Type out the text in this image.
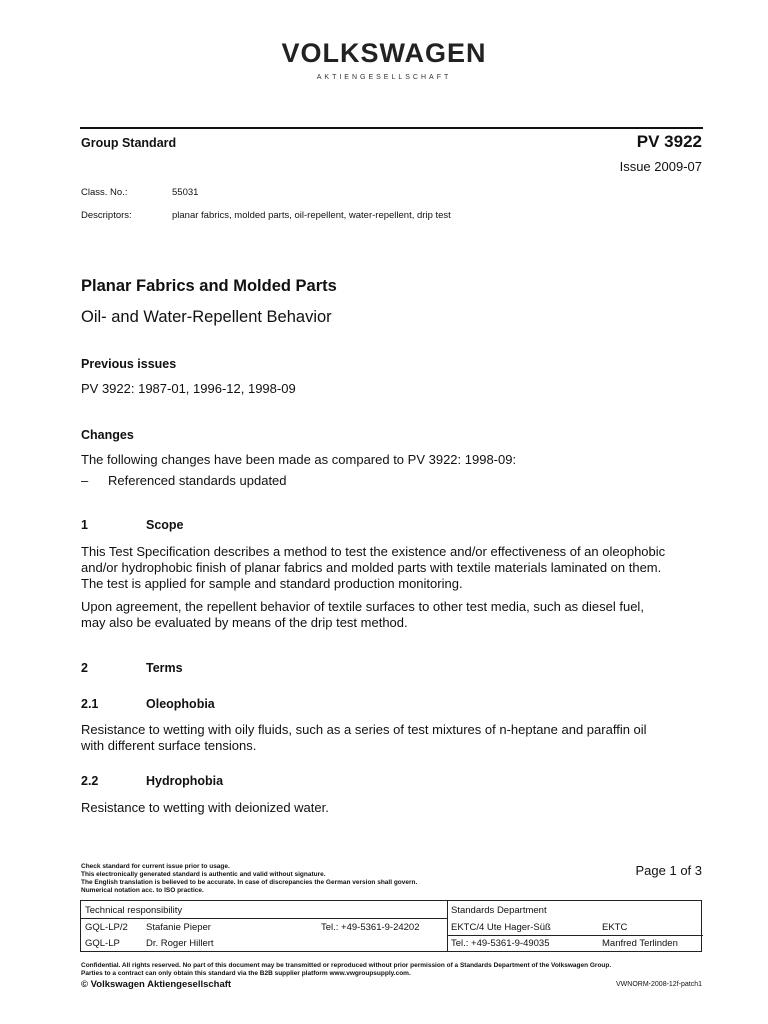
VOLKSWAGEN
AKTIENGESELLSCHAFT
Group Standard	PV 3922
Issue 2009-07
Class. No.:	55031
Descriptors:	planar fabrics, molded parts, oil-repellent, water-repellent, drip test
Planar Fabrics and Molded Parts
Oil- and Water-Repellent Behavior
Previous issues
PV 3922: 1987-01, 1996-12, 1998-09
Changes
The following changes have been made as compared to PV 3922: 1998-09:
– Referenced standards updated
1	Scope
This Test Specification describes a method to test the existence and/or effectiveness of an oleophobic
and/or hydrophobic finish of planar fabrics and molded parts with textile materials laminated on them.
The test is applied for sample and standard production monitoring.
Upon agreement, the repellent behavior of textile surfaces to other test media, such as diesel fuel,
may also be evaluated by means of the drip test method.
2	Terms
2.1	Oleophobia
Resistance to wetting with oily fluids, such as a series of test mixtures of n-heptane and paraffin oil
with different surface tensions.
2.2	Hydrophobia
Resistance to wetting with deionized water.
Check standard for current issue prior to usage.
This electronically generated standard is authentic and valid without signature.
The English translation is believed to be accurate. In case of discrepancies the German version shall govern.
Numerical notation acc. to ISO practice.
Page 1 of 3
Technical responsibility
GQL-LP/2 Stafanie Pieper	Tel.: +49-5361-9-24202
GQL-LP	Dr. Roger Hillert
Standards Department
EKTC/4 Ute Hager-Süß	EKTC
Tel.: +49-5361-9-49035	Manfred Terlinden
Confidential. All rights reserved. No part of this document may be transmitted or reproduced without prior permission of a Standards Department of the Volkswagen Group.
Parties to a contract can only obtain this standard via the B2B supplier platform www.vwgroupsupply.com.
© Volkswagen Aktiengesellschaft	VWNORM-2008-12f-patch1
